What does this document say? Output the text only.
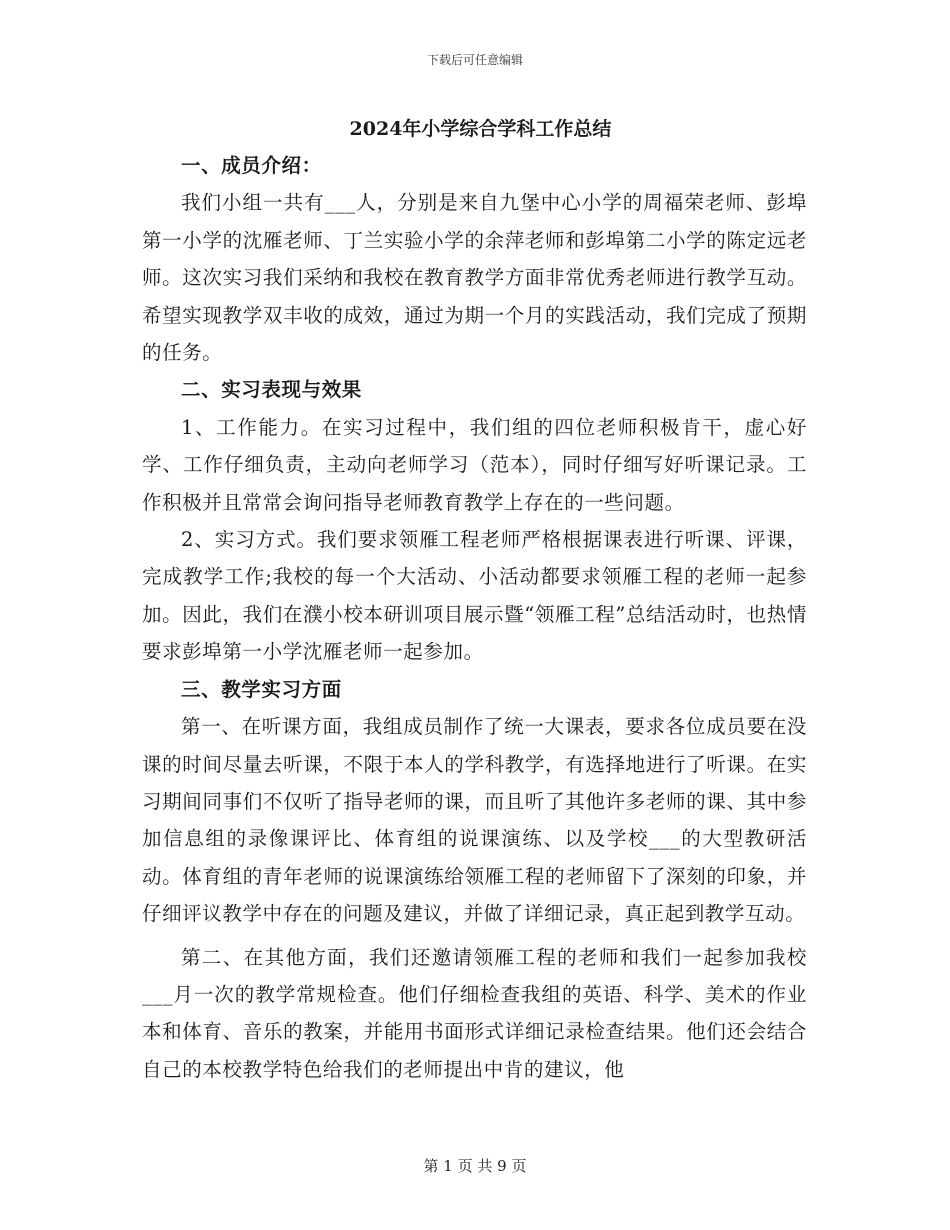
下载后可任意编辑
2024年小学综合学科工作总结

一、成员介绍：

我们小组一共有___人，分别是来自九堡中心小学的周福荣老师、彭埠第一小学的沈雁老师、丁兰实验小学的余萍老师和彭埠第二小学的陈定远老师。这次实习我们采纳和我校在教育教学方面非常优秀老师进行教学互动。希望实现教学双丰收的成效，通过为期一个月的实践活动，我们完成了预期的任务。

二、实习表现与效果

1、工作能力。在实习过程中，我们组的四位老师积极肯干，虚心好学、工作仔细负责，主动向老师学习（范本），同时仔细写好听课记录。工作积极并且常常会询问指导老师教育教学上存在的一些问题。

2、实习方式。我们要求领雁工程老师严格根据课表进行听课、评课，完成教学工作;我校的每一个大活动、小活动都要求领雁工程的老师一起参加。因此，我们在濮小校本研训项目展示暨“领雁工程”总结活动时，也热情要求彭埠第一小学沈雁老师一起参加。

三、教学实习方面

第一、在听课方面，我组成员制作了统一大课表，要求各位成员要在没课的时间尽量去听课，不限于本人的学科教学，有选择地进行了听课。在实习期间同事们不仅听了指导老师的课，而且听了其他许多老师的课、其中参加信息组的录像课评比、体育组的说课演练、以及学校___的大型教研活动。体育组的青年老师的说课演练给领雁工程的老师留下了深刻的印象，并仔细评议教学中存在的问题及建议，并做了详细记录，真正起到教学互动。

第二、在其他方面，我们还邀请领雁工程的老师和我们一起参加我校___月一次的教学常规检查。他们仔细检查我组的英语、科学、美术的作业本和体育、音乐的教案，并能用书面形式详细记录检查结果。他们还会结合自己的本校教学特色给我们的老师提出中肯的建议，他

第 1 页 共 9 页
